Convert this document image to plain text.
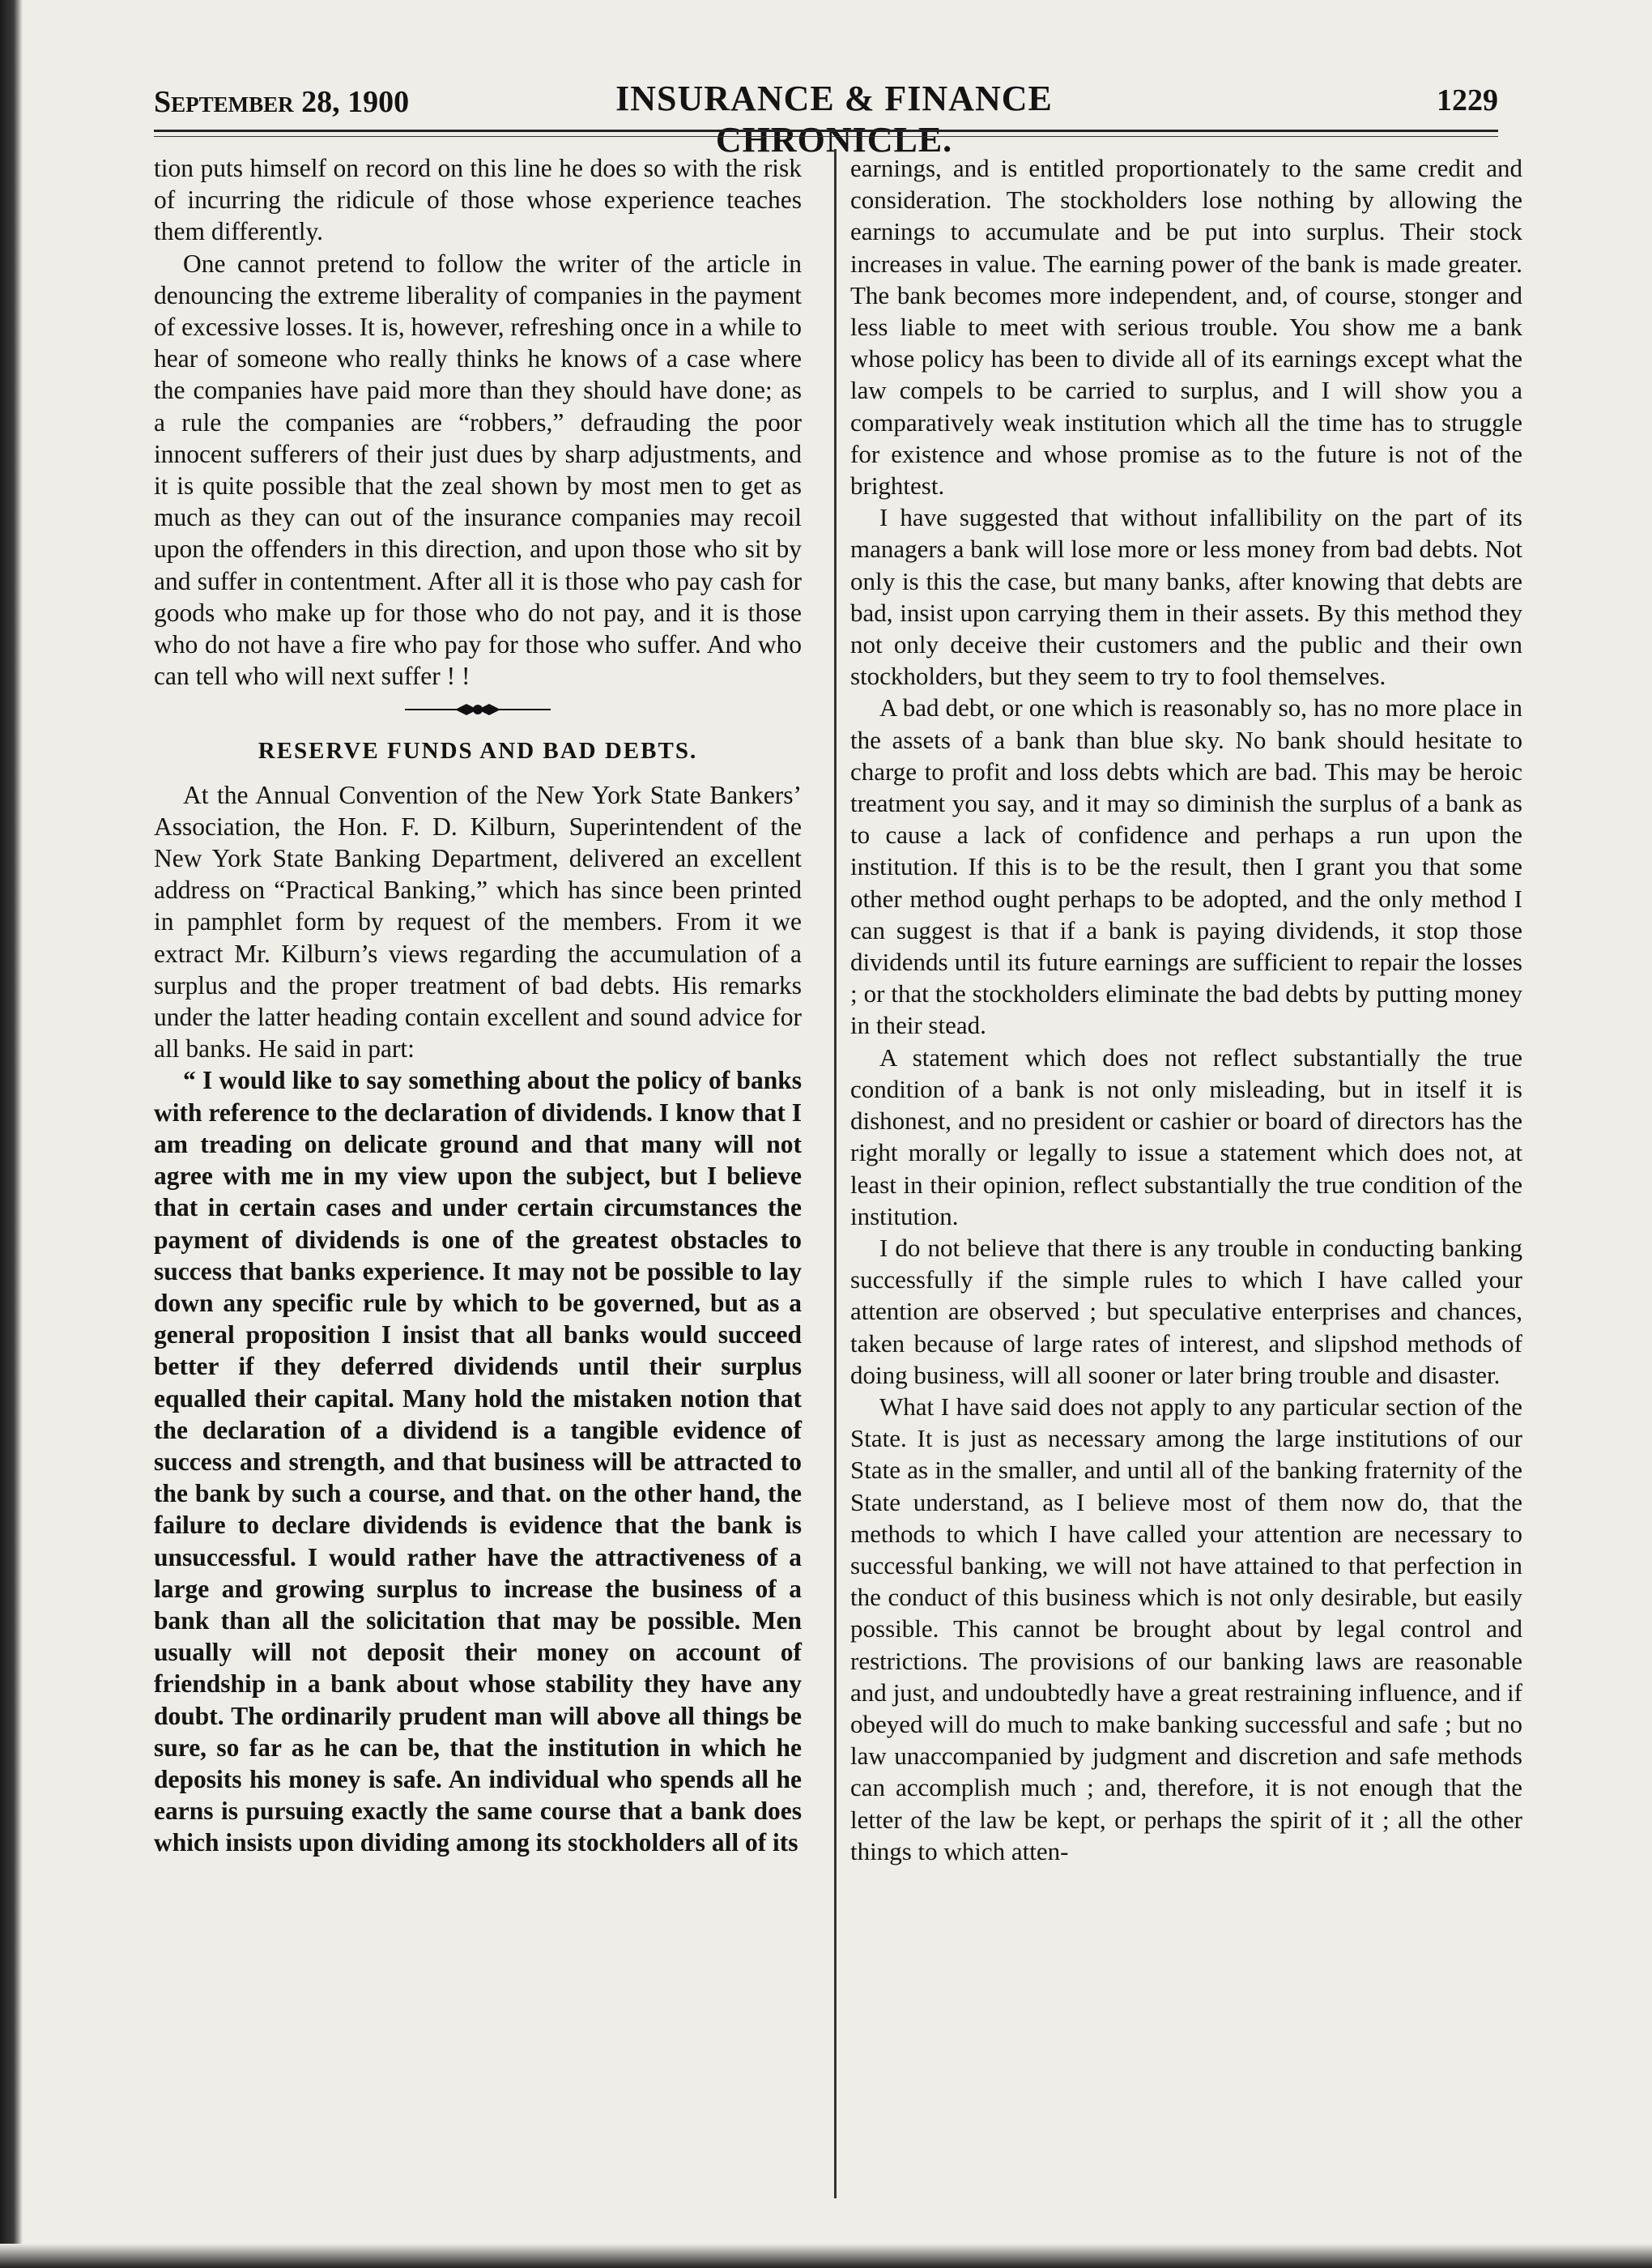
September 28, 1900	INSURANCE & FINANCE CHRONICLE.
1229

tion puts himself on record on this line he does so with the risk of incurring the ridicule of those whose experience teaches them differently.

One cannot pretend to follow the writer of the article in denouncing the extreme liberality of companies in the payment of excessive losses. It is, however, refreshing once in a while to hear of someone who really thinks he knows of a case where the companies have paid more than they should have done; as a rule the companies are “robbers,” defrauding the poor innocent sufferers of their just dues by sharp adjustments, and it is quite possible that the zeal shown by most men to get as much as they can out of the insurance companies may recoil upon the offenders in this direction, and upon those who sit by and suffer in contentment. After all it is those who pay cash for goods who make up for those who do not pay, and it is those who do not have a fire who pay for those who suffer. And who can tell who will next suffer ! !

RESERVE FUNDS AND BAD DEBTS.

At the Annual Convention of the New York State Bankers’ Association, the Hon. F. D. Kilburn, Superintendent of the New York State Banking Department, delivered an excellent address on “Practical Banking,” which has since been printed in pamphlet form by request of the members. From it we extract Mr. Kilburn’s views regarding the accumulation of a surplus and the proper treatment of bad debts. His remarks under the latter heading contain excellent and sound advice for all banks. He said in part:

“ I would like to say something about the policy of banks with reference to the declaration of dividends. I know that I am treading on delicate ground and that many will not agree with me in my view upon the subject, but I believe that in certain cases and under certain circumstances the payment of dividends is one of the greatest obstacles to success that banks experience. It may not be possible to lay down any specific rule by which to be governed, but as a general proposition I insist that all banks would succeed better if they deferred dividends until their surplus equalled their capital. Many hold the mistaken notion that the declaration of a dividend is a tangible evidence of success and strength, and that business will be attracted to the bank by such a course, and that. on the other hand, the failure to declare dividends is evidence that the bank is unsuccessful. I would rather have the attractiveness of a large and growing surplus to increase the business of a bank than all the solicitation that may be possible. Men usually will not deposit their money on account of friendship in a bank about whose stability they have any doubt. The ordinarily prudent man will above all things be sure, so far as he can be, that the institution in which he deposits his money is safe. An individual who spends all he earns is pursuing exactly the same course that a bank does which insists upon dividing among its stockholders all of its

earnings, and is entitled proportionately to the same credit and consideration. The stockholders lose nothing by allowing the earnings to accumulate and be put into surplus. Their stock increases in value. The earning power of the bank is made greater. The bank becomes more independent, and, of course, stonger and less liable to meet with serious trouble. You show me a bank whose policy has been to divide all of its earnings except what the law compels to be carried to surplus, and I will show you a comparatively weak institution which all the time has to struggle for existence and whose promise as to the future is not of the brightest.

I have suggested that without infallibility on the part of its managers a bank will lose more or less money from bad debts. Not only is this the case, but many banks, after knowing that debts are bad, insist upon carrying them in their assets. By this method they not only deceive their customers and the public and their own stockholders, but they seem to try to fool themselves.

A bad debt, or one which is reasonably so, has no more place in the assets of a bank than blue sky. No bank should hesitate to charge to profit and loss debts which are bad. This may be heroic treatment you say, and it may so diminish the surplus of a bank as to cause a lack of confidence and perhaps a run upon the institution. If this is to be the result, then I grant you that some other method ought perhaps to be adopted, and the only method I can suggest is that if a bank is paying dividends, it stop those dividends until its future earnings are sufficient to repair the losses ; or that the stockholders eliminate the bad debts by putting money in their stead.

A statement which does not reflect substantially the true condition of a bank is not only misleading, but in itself it is dishonest, and no president or cashier or board of directors has the right morally or legally to issue a statement which does not, at least in their opinion, reflect substantially the true condition of the institution.

I do not believe that there is any trouble in conducting banking successfully if the simple rules to which I have called your attention are observed ; but speculative enterprises and chances, taken because of large rates of interest, and slipshod methods of doing business, will all sooner or later bring trouble and disaster.

What I have said does not apply to any particular section of the State. It is just as necessary among the large institutions of our State as in the smaller, and until all of the banking fraternity of the State understand, as I believe most of them now do, that the methods to which I have called your attention are necessary to successful banking, we will not have attained to that perfection in the conduct of this business which is not only desirable, but easily possible. This cannot be brought about by legal control and restrictions. The provisions of our banking laws are reasonable and just, and undoubtedly have a great restraining influence, and if obeyed will do much to make banking successful and safe ; but no law unaccompanied by judgment and discretion and safe methods can accomplish much ; and, therefore, it is not enough that the letter of the law be kept, or perhaps the spirit of it ; all the other things to which atten-
